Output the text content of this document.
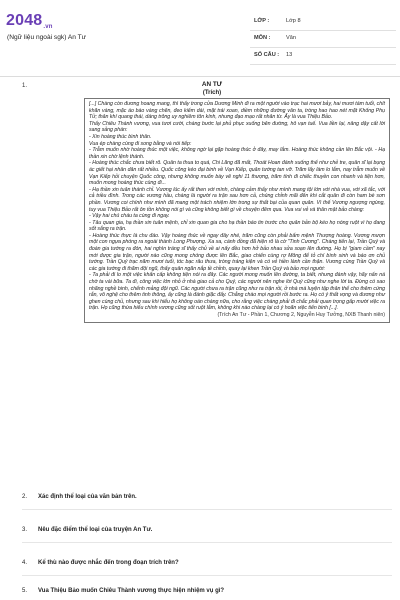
2048.vn
(Ngữ liệu ngoài sgk) An Tư
LỚP :	Lớp 8
MÔN :	Văn
SỐ CÂU : 13
1.	AN TƯ
(Trích)

[...] Chàng còn đương hoang mang, thì thấy trong cửa Dương Minh đi ra một người vào trạc hai mươi bảy, hai mươi tám tuổi, chít khăn vàng, mặc áo bào vàng chẽn, đeo kiếm dài, mặt trái xoan, diềm những đường vân ta, tròng hao hao nét mặt Khống Phụ Tử; thân khí quang thái, dáng trông uy nghiêm tôn kính, nhưng đạo mạo rất nhân từ. Ấy là vua Thiệu Bảo.

Thấy Chiêu Thành vương, vua tươi cười, chàng bước lại phủ phục xuống bên đường, hô vạn tuế. Vua liền lại, nâng dậy cất lời sang sảng phán:

- Xin hoàng thúc bình thân.

Vua ép chàng cùng đi song bằng và nói tiếp:

- Trẫm muốn nhờ hoàng thúc một việc, không ngờ lại gặp hoàng thúc ở đây, may lắm. Hoàng thúc không cần lên Bắc vội. - Hạ thần xin chờ lệnh thánh.

- Hoàng thúc chắc chưa biết rõ. Quân ta thua to quá, Chi Lăng đã mất, Thoát Hoan đánh xuống thế như chẻ tre, quân sĩ lại bụng ác giết hại nhân dân rất nhiều. Quốc công kéo đại binh về Vạn Kiếp, quân tướng tan vỡ. Trăm lấy làm lo lắm, nay trẫm muốn về Vạn Kiếp hỏi chuyện Quốc công, nhưng không muốn bày vẽ nghi 11 thượng, trăm tính đi chiếc thuyền con nhanh và tiện hơn, muốn mong hoàng thúc cùng đi...

- Hạ thần xin tuân thánh chỉ. Vương lúc ấy rất then với mình, chàng cảm thấy như mình mang tội lớn với nhà vua, với xã tắc, với cả triều đình. Trong các vương hầu, chàng là người ra trận sau hơn cả, chúng chỉnh mãi đến khi cắt quân đi còn ham bè sơn phần. Vương coi chính như mình đã mang một trách nhiệm lớn trong sự thất bại của quan quân. Vì thế Vương ngượng ngùng, tuy vua Thiệu Bảo rất ôn tồn không nói gì và cũng không biết gì về chuyện đêm qua. Vua vui vẻ và thân mật bảo chàng:

- Vậy hai chú cháu ta cùng đi ngay.

- Tâu quan gia, hạ thần xin tuân mệnh, chỉ xin quan gia cho hạ thần báo tin trước cho quân bản bộ kéo họ nóng ruột vì họ đang sốt sắng ra trận.

- Hoàng thúc thực là chu đáo. Vậy hoàng thúc về ngay đây nhé, trăm cũng còn phải bẩm mệnh Thượng hoàng. Vương mượn một con ngựa phóng ra ngoài thành Long Phượng. Xa xa, cánh đồng đã hiện rõ là cờ "Tinh Cương". Chàng tiến lại, Trần Quý và đoàn gia tướng ra đón, hai nghìn tráng sĩ thấy chủ về ai nấy đều hơn hở bảo nhau sửa soạn lên đường. Họ bị "giam cầm" nay mới được gia trận, người nào cũng mong chóng được lên Bắc, giao chiến cùng rợ Mông để tỏ chí bình sinh và báo ơn chủ tướng. Trần Quý trạc năm mươi tuổi, tóc bạc râu thưa, tròng tráng kiện và có vẻ hiền lành cần thận. Vương cùng Trần Quý và các gia tướng đi thăm đội ngũ, thấy quân ngăn nắp tề chỉnh, quay lại khen Trần Quý và bảo mọi người:

- Ta phải đi lo một việc khẩn cấp không tiện nói ra đây. Các người mong muốn lên đường, ta biết, nhưng đành vậy, hãy nấn ná chờ ta vài bữa. Ta đi, công việc lớn nhỏ ở nhà giao cả cho Quý, các người nên nghe lời Quý cũng như nghe lời ta. Đừng có sao nhãng nghề binh, chểnh mảng đội ngũ. Các người chưa ra trận cũng như ra trận rồi, ở nhà mà luyện tập thân thể cho thêm cứng rắn, võ nghệ cho thêm tinh thông, ấy cũng là đánh giặc đấy. Chẳng chào mọi người rồi bước ra. Họ có ý thất vọng và đương như ghen cùng chủ, nhưng sau khi hiểu họ không oán chàng nữa, cho rằng việc chàng phải đi chắc phải quan trọng gấp mười việc ra trận. Họ cũng thừa hiểu chính vương cũng sốt ruột lắm, không khi nào chàng lại có ý hoãn việc tiến binh [...].

(Trích An Tư - Phần 1, Chương 2, Nguyễn Huy Tưởng, NXB Thanh niên)

2. Xác định thể loại của văn bản trên.
3. Nêu đặc điểm thể loại của truyện An Tư.
4. Kể thù nào được nhắc đến trong đoạn trích trên?
5. Vua Thiệu Bảo muốn Chiêu Thành vương thực hiện nhiệm vụ gì?
